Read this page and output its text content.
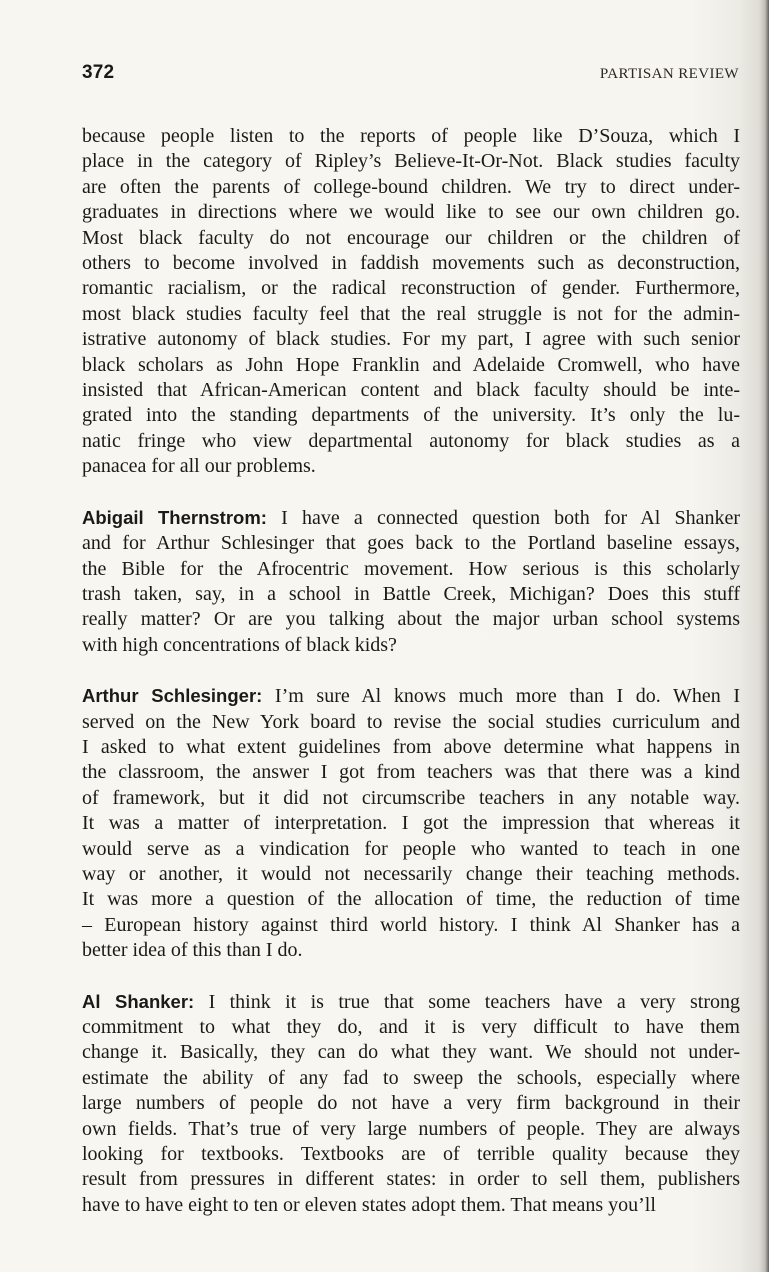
372	PARTISAN REVIEW
because people listen to the reports of people like D’Souza, which I
place in the category of Ripley’s Believe-It-Or-Not. Black studies faculty
are often the parents of college-bound children. We try to direct under-
graduates in directions where we would like to see our own children go.
Most black faculty do not encourage our children or the children of
others to become involved in faddish movements such as deconstruction,
romantic racialism, or the radical reconstruction of gender. Furthermore,
most black studies faculty feel that the real struggle is not for the admin-
istrative autonomy of black studies. For my part, I agree with such senior
black scholars as John Hope Franklin and Adelaide Cromwell, who have
insisted that African-American content and black faculty should be inte-
grated into the standing departments of the university. It’s only the lu-
natic fringe who view departmental autonomy for black studies as a
panacea for all our problems.
Abigail Thernstrom: I have a connected question both for Al Shanker
and for Arthur Schlesinger that goes back to the Portland baseline essays,
the Bible for the Afrocentric movement. How serious is this scholarly
trash taken, say, in a school in Battle Creek, Michigan? Does this stuff
really matter? Or are you talking about the major urban school systems
with high concentrations of black kids?
Arthur Schlesinger: I’m sure Al knows much more than I do. When I
served on the New York board to revise the social studies curriculum and
I asked to what extent guidelines from above determine what happens in
the classroom, the answer I got from teachers was that there was a kind
of framework, but it did not circumscribe teachers in any notable way.
It was a matter of interpretation. I got the impression that whereas it
would serve as a vindication for people who wanted to teach in one
way or another, it would not necessarily change their teaching methods.
It was more a question of the allocation of time, the reduction of time
– European history against third world history. I think Al Shanker has a
better idea of this than I do.
Al Shanker: I think it is true that some teachers have a very strong
commitment to what they do, and it is very difficult to have them
change it. Basically, they can do what they want. We should not under-
estimate the ability of any fad to sweep the schools, especially where
large numbers of people do not have a very firm background in their
own fields. That’s true of very large numbers of people. They are always
looking for textbooks. Textbooks are of terrible quality because they
result from pressures in different states: in order to sell them, publishers
have to have eight to ten or eleven states adopt them. That means you’ll
